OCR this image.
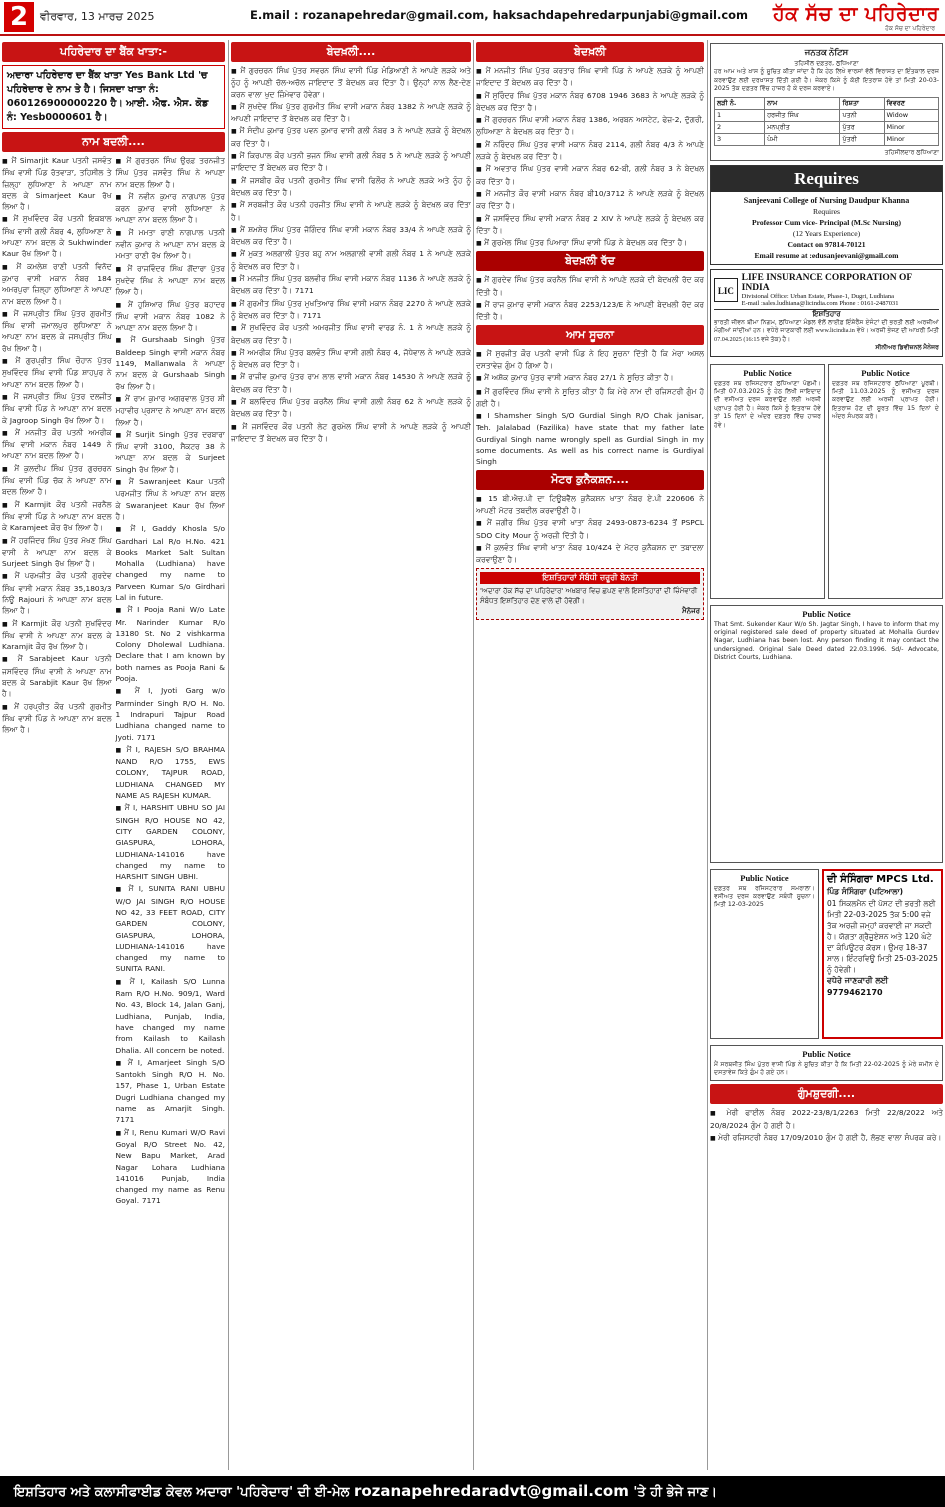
2	ਵੀਰਵਾਰ, 13 ਮਾਰਚ 2025	E.mail : rozanapehredar@gmail.com, haksachdapehredarpunjabi@gmail.com ਹੱਕ ਸੱਚ ਦਾ ਪਹਿਰੇਦਾਰ
ਹੱਕ ਸੱਚ ਦਾ ਪਹਿਰੇਦਾਰ
ਪਹਿਰੇਦਾਰ ਦਾ ਬੈਂਕ ਖਾਤਾ:-
ਅਦਾਰਾ ਪਹਿਰੇਦਾਰ ਦਾ ਬੈਂਕ ਖਾਤਾ Yes Bank Ltd 'ਚ ਪਹਿਰੇਦਾਰ ਦੇ ਨਾਮ ਤੇ ਹੈ। ਜਿਸਦਾ ਖਾਤਾ ਨੰ: 060126900000220 ਹੈ। ਆਈ. ਐਫ. ਐਸ. ਕੋਡ ਨੰ: Yesb0000601 ਹੈ।
ਨਾਮ ਬਦਲੀ....

■ ਮੈਂ Simarjit Kaur ਪਤਨੀ ਜਸਵੰਤ ਸਿੰਘ ਵਾਸੀ ਪਿੰਡ ਰੱਤਵਾੜਾ, ਤਹਿਸੀਲ ਤੇ ਜ਼ਿਲ੍ਹਾ ਲੁਧਿਆਣਾ ਨੇ ਆਪਣਾ ਨਾਮ ਬਦਲ ਕੇ Simarjeet Kaur ਰੱਖ ਲਿਆ ਹੈ।

■ ਮੈਂ ਸੁਖਵਿੰਦਰ ਕੌਰ ਪਤਨੀ ਇਕਬਾਲ ਸਿੰਘ ਵਾਸੀ ਗਲੀ ਨੰਬਰ 4, ਲੁਧਿਆਣਾ ਨੇ ਆਪਣਾ ਨਾਮ ਬਦਲ ਕੇ Sukhwinder Kaur ਰੱਖ ਲਿਆ ਹੈ।

■ ਮੈਂ ਕਮਲੇਸ਼ ਰਾਣੀ ਪਤਨੀ ਵਿਨੋਦ ਕੁਮਾਰ ਵਾਸੀ ਮਕਾਨ ਨੰਬਰ 184 ਅਮਰਪੁਰਾ ਜ਼ਿਲ੍ਹਾ ਲੁਧਿਆਣਾ ਨੇ ਆਪਣਾ ਨਾਮ ਬਦਲ ਲਿਆ ਹੈ।

■ ਮੈਂ ਜਸਪ੍ਰੀਤ ਸਿੰਘ ਪੁੱਤਰ ਗੁਰਮੀਤ ਸਿੰਘ ਵਾਸੀ ਜਮਾਲਪੁਰ ਲੁਧਿਆਣਾ ਨੇ ਆਪਣਾ ਨਾਮ ਬਦਲ ਕੇ ਜਸਪ੍ਰੀਤ ਸਿੰਘ ਰੱਖ ਲਿਆ ਹੈ।

■ ਮੈਂ ਗੁਰਪ੍ਰੀਤ ਸਿੰਘ ਚੌਹਾਨ ਪੁੱਤਰ ਸੁਖਵਿੰਦਰ ਸਿੰਘ ਵਾਸੀ ਪਿੰਡ ਸ਼ਾਹਪੁਰ ਨੇ ਆਪਣਾ ਨਾਮ ਬਦਲ ਲਿਆ ਹੈ।

■ ਮੈਂ ਜਸਪ੍ਰੀਤ ਸਿੰਘ ਪੁੱਤਰ ਦਲਜੀਤ ਸਿੰਘ ਵਾਸੀ ਪਿੰਡ ਨੇ ਆਪਣਾ ਨਾਮ ਬਦਲ ਕੇ Jagroop Singh ਰੱਖ ਲਿਆ ਹੈ।

■ ਮੈਂ ਮਨਜੀਤ ਕੌਰ ਪਤਨੀ ਅਮਰੀਕ ਸਿੰਘ ਵਾਸੀ ਮਕਾਨ ਨੰਬਰ 1449 ਨੇ ਆਪਣਾ ਨਾਮ ਬਦਲ ਲਿਆ ਹੈ।

■ ਮੈਂ ਕੁਲਦੀਪ ਸਿੰਘ ਪੁੱਤਰ ਗੁਰਚਰਨ ਸਿੰਘ ਵਾਸੀ ਪਿੰਡ ਚੱਕ ਨੇ ਆਪਣਾ ਨਾਮ ਬਦਲ ਲਿਆ ਹੈ।

■ ਮੈਂ Karmjit ਕੌਰ ਪਤਨੀ ਜਰਨੈਲ ਸਿੰਘ ਵਾਸੀ ਪਿੰਡ ਨੇ ਆਪਣਾ ਨਾਮ ਬਦਲ ਕੇ Karamjeet ਕੌਰ ਰੱਖ ਲਿਆ ਹੈ।

■ ਮੈਂ ਹਰਜਿੰਦਰ ਸਿੰਘ ਪੁੱਤਰ ਮੱਖਣ ਸਿੰਘ ਵਾਸੀ ਨੇ ਆਪਣਾ ਨਾਮ ਬਦਲ ਕੇ Surjeet Singh ਰੱਖ ਲਿਆ ਹੈ।

■ ਮੈਂ ਪਰਮਜੀਤ ਕੌਰ ਪਤਨੀ ਗੁਰਦੇਵ ਸਿੰਘ ਵਾਸੀ ਮਕਾਨ ਨੰਬਰ 35,1803/3 ਨਿਊ Rajouri ਨੇ ਆਪਣਾ ਨਾਮ ਬਦਲ ਲਿਆ ਹੈ।

■ ਮੈਂ Karmjit ਕੌਰ ਪਤਨੀ ਸੁਖਵਿੰਦਰ ਸਿੰਘ ਵਾਸੀ ਨੇ ਆਪਣਾ ਨਾਮ ਬਦਲ ਕੇ Karamjit ਕੌਰ ਰੱਖ ਲਿਆ ਹੈ।

■ ਮੈਂ Sarabjeet Kaur ਪਤਨੀ ਜਸਵਿੰਦਰ ਸਿੰਘ ਵਾਸੀ ਨੇ ਆਪਣਾ ਨਾਮ ਬਦਲ ਕੇ Sarabjit Kaur ਰੱਖ ਲਿਆ ਹੈ।

■ ਮੈਂ ਹਰਪ੍ਰੀਤ ਕੌਰ ਪਤਨੀ ਗੁਰਮੀਤ ਸਿੰਘ ਵਾਸੀ ਪਿੰਡ ਨੇ ਆਪਣਾ ਨਾਮ ਬਦਲ ਲਿਆ ਹੈ।

■ ਮੈਂ ਗੁਰਤਰਨ ਸਿੰਘ ਉਰਫ਼ ਤਰਨਜੀਤ ਸਿੰਘ ਪੁੱਤਰ ਜਸਵੰਤ ਸਿੰਘ ਨੇ ਆਪਣਾ ਨਾਮ ਬਦਲ ਲਿਆ ਹੈ।

■ ਮੈਂ ਨਵੀਨ ਕੁਮਾਰ ਨਾਗਪਾਲ ਪੁੱਤਰ ਕਰਨ ਕੁਮਾਰ ਵਾਸੀ ਲੁਧਿਆਣਾ ਨੇ ਆਪਣਾ ਨਾਮ ਬਦਲ ਲਿਆ ਹੈ।

■ ਮੈਂ ਮਮਤਾ ਰਾਣੀ ਨਾਗਪਾਲ ਪਤਨੀ ਨਵੀਨ ਕੁਮਾਰ ਨੇ ਆਪਣਾ ਨਾਮ ਬਦਲ ਕੇ ਮਮਤਾ ਰਾਣੀ ਰੱਖ ਲਿਆ ਹੈ।

■ ਮੈਂ ਰਾਜਵਿੰਦਰ ਸਿੰਘ ਗੋਂਦਾਰਾ ਪੁੱਤਰ ਸੁਖਦੇਵ ਸਿੰਘ ਨੇ ਆਪਣਾ ਨਾਮ ਬਦਲ ਲਿਆ ਹੈ।

■ ਮੈਂ ਹੁਸ਼ਿਆਰ ਸਿੰਘ ਪੁੱਤਰ ਬਹਾਦਰ ਸਿੰਘ ਵਾਸੀ ਮਕਾਨ ਨੰਬਰ 1082 ਨੇ ਆਪਣਾ ਨਾਮ ਬਦਲ ਲਿਆ ਹੈ।

■ ਮੈਂ Gurshaab Singh ਪੁੱਤਰ Baldeep Singh ਵਾਸੀ ਮਕਾਨ ਨੰਬਰ 1149, Mallanwala ਨੇ ਆਪਣਾ ਨਾਮ ਬਦਲ ਕੇ Gurshaab Singh ਰੱਖ ਲਿਆ ਹੈ।

■ ਮੈਂ ਰਾਮ ਕੁਮਾਰ ਅਗਰਵਾਲ ਪੁੱਤਰ ਸ਼ੀ ਮਹਾਵੀਰ ਪ੍ਰਸਾਦ ਨੇ ਆਪਣਾ ਨਾਮ ਬਦਲ ਲਿਆ ਹੈ।

■ ਮੈਂ Surjit Singh ਪੁੱਤਰ ਦਰਬਾਰਾ ਸਿੰਘ ਵਾਸੀ 3100, ਸੈਕਟਰ 38 ਨੇ ਆਪਣਾ ਨਾਮ ਬਦਲ ਕੇ Surjeet Singh ਰੱਖ ਲਿਆ ਹੈ।

■ ਮੈਂ Sawranjeet Kaur ਪਤਨੀ ਪਰਮਜੀਤ ਸਿੰਘ ਨੇ ਆਪਣਾ ਨਾਮ ਬਦਲ ਕੇ Swaranjeet Kaur ਰੱਖ ਲਿਆ ਹੈ।

■ ਮੈਂ I, Gaddy Khosla S/o Gardhari Lal R/o H.No. 421 Books Market Salt Sultan Mohalla (Ludhiana) have changed my name to Parveen Kumar S/o Girdhari Lal in future.

■ ਮੈਂ I Pooja Rani W/o Late Mr. Narinder Kumar R/o 13180 St. No 2 vishkarma Colony Dholewal Ludhiana. Declare that I am known by both names as Pooja Rani & Pooja.

■ ਮੈਂ I, Jyoti Garg w/o Parminder Singh R/O H. No. 1 Indrapuri Tajpur Road Ludhiana changed name to Jyoti. 7171

■ ਮੈਂ I, RAJESH S/O BRAHMA NAND R/O 1755, EWS COLONY, TAJPUR ROAD, LUDHIANA CHANGED MY NAME AS RAJESH KUMAR.

■ ਮੈਂ I, HARSHIT UBHU SO JAI SINGH R/O HOUSE NO 42, CITY GARDEN COLONY, GIASPURA, LOHORA, LUDHIANA-141016 have changed my name to HARSHIT SINGH UBHI.

■ ਮੈਂ I, SUNITA RANI UBHU W/O JAI SINGH R/O HOUSE NO 42, 33 FEET ROAD, CITY GARDEN COLONY, GIASPURA, LOHORA, LUDHIANA-141016 have changed my name to SUNITA RANI.

■ ਮੈਂ I, Kailash S/O Lunna Ram R/O H.No. 909/1, Ward No. 43, Block 14, Jalan Ganj, Ludhiana, Punjab, India, have changed my name from Kailash to Kailash Dhalia. All concern be noted.

■ ਮੈਂ I, Amarjeet Singh S/O Santokh Singh R/O H. No. 157, Phase 1, Urban Estate Dugri Ludhiana changed my name as Amarjit Singh. 7171

■ ਮੈਂ I, Renu Kumari W/O Ravi Goyal R/O Street No. 42, New Bapu Market, Arad Nagar Lohara Ludhiana 141016 Punjab, India changed my name as Renu Goyal. 7171

ਬੇਦਖ਼ਲੀ....

■ ਮੈਂ ਗੁਰਚਰਨ ਸਿੰਘ ਪੁੱਤਰ ਸਵਰਨ ਸਿੰਘ ਵਾਸੀ ਪਿੰਡ ਮੰਡਿਆਣੀ ਨੇ ਆਪਣੇ ਲੜਕੇ ਅਤੇ ਨੂੰਹ ਨੂੰ ਆਪਣੀ ਚੱਲ-ਅਚੱਲ ਜਾਇਦਾਦ ਤੋਂ ਬੇਦਖ਼ਲ ਕਰ ਦਿੱਤਾ ਹੈ। ਉਨ੍ਹਾਂ ਨਾਲ ਲੈਣ-ਦੇਣ ਕਰਨ ਵਾਲਾ ਖੁਦ ਜ਼ਿੰਮੇਵਾਰ ਹੋਵੇਗਾ।

■ ਮੈਂ ਸੁਖਦੇਵ ਸਿੰਘ ਪੁੱਤਰ ਗੁਰਮੀਤ ਸਿੰਘ ਵਾਸੀ ਮਕਾਨ ਨੰਬਰ 1382 ਨੇ ਆਪਣੇ ਲੜਕੇ ਨੂੰ ਆਪਣੀ ਜਾਇਦਾਦ ਤੋਂ ਬੇਦਖ਼ਲ ਕਰ ਦਿੱਤਾ ਹੈ।

■ ਮੈਂ ਸੰਦੀਪ ਕੁਮਾਰ ਪੁੱਤਰ ਪਵਨ ਕੁਮਾਰ ਵਾਸੀ ਗਲੀ ਨੰਬਰ 3 ਨੇ ਆਪਣੇ ਲੜਕੇ ਨੂੰ ਬੇਦਖ਼ਲ ਕਰ ਦਿੱਤਾ ਹੈ।

■ ਮੈਂ ਕਿਰਪਾਲ ਕੌਰ ਪਤਨੀ ਭਜਨ ਸਿੰਘ ਵਾਸੀ ਗਲੀ ਨੰਬਰ 5 ਨੇ ਆਪਣੇ ਲੜਕੇ ਨੂੰ ਆਪਣੀ ਜਾਇਦਾਦ ਤੋਂ ਬੇਦਖ਼ਲ ਕਰ ਦਿੱਤਾ ਹੈ।

■ ਮੈਂ ਜਸਬੀਰ ਕੌਰ ਪਤਨੀ ਗੁਰਮੀਤ ਸਿੰਘ ਵਾਸੀ ਫਿਲੌਰ ਨੇ ਆਪਣੇ ਲੜਕੇ ਅਤੇ ਨੂੰਹ ਨੂੰ ਬੇਦਖ਼ਲ ਕਰ ਦਿੱਤਾ ਹੈ।

■ ਮੈਂ ਸਰਬਜੀਤ ਕੌਰ ਪਤਨੀ ਹਰਜੀਤ ਸਿੰਘ ਵਾਸੀ ਨੇ ਆਪਣੇ ਲੜਕੇ ਨੂੰ ਬੇਦਖ਼ਲ ਕਰ ਦਿੱਤਾ ਹੈ।

■ ਮੈਂ ਸ਼ਮਸ਼ੇਰ ਸਿੰਘ ਪੁੱਤਰ ਜੋਗਿੰਦਰ ਸਿੰਘ ਵਾਸੀ ਮਕਾਨ ਨੰਬਰ 33/4 ਨੇ ਆਪਣੇ ਲੜਕੇ ਨੂੰ ਬੇਦਖ਼ਲ ਕਰ ਦਿੱਤਾ ਹੈ।

■ ਮੈਂ ਮੁਕਤ ਅਲਗਾਲੀ ਪੁੱਤਰ ਬਹੁ ਨਾਮ ਅਲਗਾਲੀ ਵਾਸੀ ਗਲੀ ਨੰਬਰ 1 ਨੇ ਆਪਣੇ ਲੜਕੇ ਨੂੰ ਬੇਦਖ਼ਲ ਕਰ ਦਿੱਤਾ ਹੈ।

■ ਮੈਂ ਮਨਜੀਤ ਸਿੰਘ ਪੁੱਤਰ ਬਲਵੀਰ ਸਿੰਘ ਵਾਸੀ ਮਕਾਨ ਨੰਬਰ 1136 ਨੇ ਆਪਣੇ ਲੜਕੇ ਨੂੰ ਬੇਦਖ਼ਲ ਕਰ ਦਿੱਤਾ ਹੈ। 7171

■ ਮੈਂ ਗੁਰਮੀਤ ਸਿੰਘ ਪੁੱਤਰ ਮੁਖਤਿਆਰ ਸਿੰਘ ਵਾਸੀ ਮਕਾਨ ਨੰਬਰ 2270 ਨੇ ਆਪਣੇ ਲੜਕੇ ਨੂੰ ਬੇਦਖ਼ਲ ਕਰ ਦਿੱਤਾ ਹੈ। 7171

■ ਮੈਂ ਸੁਖਵਿੰਦਰ ਕੌਰ ਪਤਨੀ ਅਮਰਜੀਤ ਸਿੰਘ ਵਾਸੀ ਵਾਰਡ ਨੰ. 1 ਨੇ ਆਪਣੇ ਲੜਕੇ ਨੂੰ ਬੇਦਖ਼ਲ ਕਰ ਦਿੱਤਾ ਹੈ।

■ ਮੈਂ ਅਮਰੀਕ ਸਿੰਘ ਪੁੱਤਰ ਬਲਵੰਤ ਸਿੰਘ ਵਾਸੀ ਗਲੀ ਨੰਬਰ 4, ਜੋਧੇਵਾਲ ਨੇ ਆਪਣੇ ਲੜਕੇ ਨੂੰ ਬੇਦਖ਼ਲ ਕਰ ਦਿੱਤਾ ਹੈ।

■ ਮੈਂ ਰਾਜੀਵ ਕੁਮਾਰ ਪੁੱਤਰ ਰਾਮ ਲਾਲ ਵਾਸੀ ਮਕਾਨ ਨੰਬਰ 14530 ਨੇ ਆਪਣੇ ਲੜਕੇ ਨੂੰ ਬੇਦਖ਼ਲ ਕਰ ਦਿੱਤਾ ਹੈ।

■ ਮੈਂ ਬਲਵਿੰਦਰ ਸਿੰਘ ਪੁੱਤਰ ਕਰਨੈਲ ਸਿੰਘ ਵਾਸੀ ਗਲੀ ਨੰਬਰ 62 ਨੇ ਆਪਣੇ ਲੜਕੇ ਨੂੰ ਬੇਦਖ਼ਲ ਕਰ ਦਿੱਤਾ ਹੈ।

■ ਮੈਂ ਜਸਵਿੰਦਰ ਕੌਰ ਪਤਨੀ ਲੇਟ ਗੁਰਮੇਲ ਸਿੰਘ ਵਾਸੀ ਨੇ ਆਪਣੇ ਲੜਕੇ ਨੂੰ ਆਪਣੀ ਜਾਇਦਾਦ ਤੋਂ ਬੇਦਖ਼ਲ ਕਰ ਦਿੱਤਾ ਹੈ।

ਬੇਦਖ਼ਲੀ

■ ਮੈਂ ਮਨਜੀਤ ਸਿੰਘ ਪੁੱਤਰ ਕਰਤਾਰ ਸਿੰਘ ਵਾਸੀ ਪਿੰਡ ਨੇ ਆਪਣੇ ਲੜਕੇ ਨੂੰ ਆਪਣੀ ਜਾਇਦਾਦ ਤੋਂ ਬੇਦਖ਼ਲ ਕਰ ਦਿੱਤਾ ਹੈ।

■ ਮੈਂ ਸੁਰਿੰਦਰ ਸਿੰਘ ਪੁੱਤਰ ਮਕਾਨ ਨੰਬਰ 6708 1946 3683 ਨੇ ਆਪਣੇ ਲੜਕੇ ਨੂੰ ਬੇਦਖ਼ਲ ਕਰ ਦਿੱਤਾ ਹੈ।

■ ਮੈਂ ਗੁਰਚਰਨ ਸਿੰਘ ਵਾਸੀ ਮਕਾਨ ਨੰਬਰ 1386, ਅਰਬਨ ਅਸਟੇਟ, ਫੇਜ਼-2, ਦੁੱਗਰੀ, ਲੁਧਿਆਣਾ ਨੇ ਬੇਦਖ਼ਲ ਕਰ ਦਿੱਤਾ ਹੈ।

■ ਮੈਂ ਨਰਿੰਦਰ ਸਿੰਘ ਪੁੱਤਰ ਵਾਸੀ ਮਕਾਨ ਨੰਬਰ 2114, ਗਲੀ ਨੰਬਰ 4/3 ਨੇ ਆਪਣੇ ਲੜਕੇ ਨੂੰ ਬੇਦਖ਼ਲ ਕਰ ਦਿੱਤਾ ਹੈ।

■ ਮੈਂ ਅਵਤਾਰ ਸਿੰਘ ਪੁੱਤਰ ਵਾਸੀ ਮਕਾਨ ਨੰਬਰ 62-ਬੀ, ਗਲੀ ਨੰਬਰ 3 ਨੇ ਬੇਦਖ਼ਲ ਕਰ ਦਿੱਤਾ ਹੈ।

■ ਮੈਂ ਮਨਜੀਤ ਕੌਰ ਵਾਸੀ ਮਕਾਨ ਨੰਬਰ ਬੀ10/3712 ਨੇ ਆਪਣੇ ਲੜਕੇ ਨੂੰ ਬੇਦਖ਼ਲ ਕਰ ਦਿੱਤਾ ਹੈ।

■ ਮੈਂ ਜਸਵਿੰਦਰ ਸਿੰਘ ਵਾਸੀ ਮਕਾਨ ਨੰਬਰ 2 XIV ਨੇ ਆਪਣੇ ਲੜਕੇ ਨੂੰ ਬੇਦਖ਼ਲ ਕਰ ਦਿੱਤਾ ਹੈ।

■ ਮੈਂ ਗੁਰਮੇਲ ਸਿੰਘ ਪੁੱਤਰ ਪਿਆਰਾ ਸਿੰਘ ਵਾਸੀ ਪਿੰਡ ਨੇ ਬੇਦਖ਼ਲ ਕਰ ਦਿੱਤਾ ਹੈ।

ਬੇਦਖ਼ਲੀ ਰੱਦ

■ ਮੈਂ ਗੁਰਦੇਵ ਸਿੰਘ ਪੁੱਤਰ ਕਰਨੈਲ ਸਿੰਘ ਵਾਸੀ ਨੇ ਆਪਣੇ ਲੜਕੇ ਦੀ ਬੇਦਖ਼ਲੀ ਰੱਦ ਕਰ ਦਿੱਤੀ ਹੈ।

■ ਮੈਂ ਰਾਜ ਕੁਮਾਰ ਵਾਸੀ ਮਕਾਨ ਨੰਬਰ 2253/123/E ਨੇ ਆਪਣੀ ਬੇਦਖ਼ਲੀ ਰੱਦ ਕਰ ਦਿੱਤੀ ਹੈ।

ਆਮ ਸੂਚਨਾ

■ ਮੈਂ ਸੁਰਜੀਤ ਕੌਰ ਪਤਨੀ ਵਾਸੀ ਪਿੰਡ ਨੇ ਇਹ ਸੂਚਨਾ ਦਿੱਤੀ ਹੈ ਕਿ ਮੇਰਾ ਅਸਲ ਦਸਤਾਵੇਜ਼ ਗੁੰਮ ਹੋ ਗਿਆ ਹੈ।

■ ਮੈਂ ਅਸ਼ੋਕ ਕੁਮਾਰ ਪੁੱਤਰ ਵਾਸੀ ਮਕਾਨ ਨੰਬਰ 27/1 ਨੇ ਸੂਚਿਤ ਕੀਤਾ ਹੈ।

■ ਮੈਂ ਗੁਰਵਿੰਦਰ ਸਿੰਘ ਵਾਸੀ ਨੇ ਸੂਚਿਤ ਕੀਤਾ ਹੈ ਕਿ ਮੇਰੇ ਨਾਮ ਦੀ ਰਜਿਸਟਰੀ ਗੁੰਮ ਹੋ ਗਈ ਹੈ।

■ I Shamsher Singh S/O Gurdial Singh R/O Chak janisar, Teh. Jalalabad (Fazilika) have state that my father late Gurdiyal Singh name wrongly spell as Gurdial Singh in my some documents. As well as his correct name is Gurdiyal Singh

ਮੋਟਰ ਕੁਨੈਕਸ਼ਨ....

■ 15 ਬੀ.ਐਚ.ਪੀ ਦਾ ਟਿਊਬਵੈੱਲ ਕੁਨੈਕਸ਼ਨ ਖਾਤਾ ਨੰਬਰ ਏ.ਪੀ 220606 ਨੇ ਆਪਣੀ ਮੋਟਰ ਤਬਦੀਲ ਕਰਵਾਉਣੀ ਹੈ।

■ ਮੈਂ ਜਗੀਰ ਸਿੰਘ ਪੁੱਤਰ ਵਾਸੀ ਖਾਤਾ ਨੰਬਰ 2493-0873-6234 ਤੋਂ PSPCL SDO City Mour ਨੂੰ ਅਰਜ਼ੀ ਦਿੱਤੀ ਹੈ।

■ ਮੈਂ ਕੁਲਵੰਤ ਸਿੰਘ ਵਾਸੀ ਖਾਤਾ ਨੰਬਰ 10/4Z4 ਦੇ ਮੋਟਰ ਕੁਨੈਕਸ਼ਨ ਦਾ ਤਬਾਦਲਾ ਕਰਵਾਉਣਾ ਹੈ।

ਇਸ਼ਤਿਹਾਰਾਂ ਸੰਬੰਧੀ ਜ਼ਰੂਰੀ ਬੇਨਤੀ
'ਅਦਾਰਾ ਹੱਕ ਸੱਚ ਦਾ ਪਹਿਰੇਦਾਰ' ਅਖ਼ਬਾਰ ਵਿਚ ਛਪਣ ਵਾਲੇ ਇਸ਼ਤਿਹਾਰਾਂ ਦੀ ਜ਼ਿੰਮੇਵਾਰੀ ਸੰਬੰਧਤ ਇਸ਼ਤਿਹਾਰ ਦੇਣ ਵਾਲੇ ਦੀ ਹੋਵੇਗੀ।
ਮੈਨੇਜਰ
ਜਨਤਕ ਨੋਟਿਸ
ਤਹਿਸੀਲ ਦਫ਼ਤਰ, ਲੁਧਿਆਣਾ
ਹਰ ਆਮ ਅਤੇ ਖ਼ਾਸ ਨੂੰ ਸੂਚਿਤ ਕੀਤਾ ਜਾਂਦਾ ਹੈ ਕਿ ਹੇਠ ਲਿਖੇ ਵਾਰਸਾਂ ਵੱਲੋਂ ਵਿਰਾਸਤ ਦਾ ਇੰਤਕਾਲ ਦਰਜ ਕਰਵਾਉਣ ਲਈ ਦਰਖ਼ਾਸਤ ਦਿੱਤੀ ਗਈ ਹੈ। ਜੇਕਰ ਕਿਸੇ ਨੂੰ ਕੋਈ ਇਤਰਾਜ਼ ਹੋਵੇ ਤਾਂ ਮਿਤੀ 20-03-2025 ਤੱਕ ਦਫ਼ਤਰ ਵਿੱਚ ਹਾਜ਼ਰ ਹੋ ਕੇ ਦਰਜ ਕਰਵਾਏ।
ਲੜੀ ਨੰ.	ਨਾਮ	ਰਿਸ਼ਤਾ	ਵਿਵਰਣ
1	ਹਰਜੀਤ ਸਿੰਘ	ਪਤਨੀ	Widow
2	ਮਨਪ੍ਰੀਤ	ਪੁੱਤਰ	Minor
3	ਪੰਮੀ	ਪੁੱਤਰੀ	Minor
ਤਹਿਸੀਲਦਾਰ ਲੁਧਿਆਣਾ
Requires
Sanjeevani College of Nursing Daudpur Khanna
Requires
Professor Cum vice- Principal (M.Sc Nursing)
(12 Years Experience)
Contact on 97814-70121
Email resume at :edusanjeevani@gmail.com
LIC
LIFE INSURANCE CORPORATION OF INDIA
Divisional Office: Urban Estate, Phase-1, Dugri, Ludhiana
E-mail :sales.ludhiana@licindia.com Phone : 0161-2487031
ਇਸ਼ਤਿਹਾਰ
ਭਾਰਤੀ ਜੀਵਨ ਬੀਮਾ ਨਿਗਮ, ਲੁਧਿਆਣਾ ਮੰਡਲ ਵੱਲੋਂ ਲਾਈਫ਼ ਇੰਸ਼ੋਰੈਂਸ ਏਜੰਟਾਂ ਦੀ ਭਰਤੀ ਲਈ ਅਰਜ਼ੀਆਂ ਮੰਗੀਆਂ ਜਾਂਦੀਆਂ ਹਨ। ਵਧੇਰੇ ਜਾਣਕਾਰੀ ਲਈ www.licindia.in ਵੇਖੋ। ਅਰਜ਼ੀ ਭੇਜਣ ਦੀ ਆਖ਼ਰੀ ਮਿਤੀ 07.04.2025 (16:15 ਵਜੇ ਤੱਕ) ਹੈ।
ਸੀਨੀਅਰ ਡਿਵੀਜ਼ਨਲ ਮੈਨੇਜਰ
Public Notice
ਦਫ਼ਤਰ ਸਬ ਰਜਿਸਟਰਾਰ ਲੁਧਿਆਣਾ ਪੱਛਮੀ। ਮਿਤੀ 07.03.2025 ਨੂੰ ਹੇਠ ਲਿਖੀ ਜਾਇਦਾਦ ਦੀ ਵਸੀਅਤ ਦਰਜ ਕਰਵਾਉਣ ਲਈ ਅਰਜ਼ੀ ਪ੍ਰਾਪਤ ਹੋਈ ਹੈ। ਜੇਕਰ ਕਿਸੇ ਨੂੰ ਇਤਰਾਜ਼ ਹੋਵੇ ਤਾਂ 15 ਦਿਨਾਂ ਦੇ ਅੰਦਰ ਦਫ਼ਤਰ ਵਿੱਚ ਹਾਜ਼ਰ ਹੋਵੇ।
Public Notice
ਦਫ਼ਤਰ ਸਬ ਰਜਿਸਟਰਾਰ ਲੁਧਿਆਣਾ ਪੂਰਬੀ। ਮਿਤੀ 11.03.2025 ਨੂੰ ਵਸੀਅਤ ਦਰਜ ਕਰਵਾਉਣ ਲਈ ਅਰਜ਼ੀ ਪ੍ਰਾਪਤ ਹੋਈ। ਇਤਰਾਜ਼ ਹੋਣ ਦੀ ਸੂਰਤ ਵਿੱਚ 15 ਦਿਨਾਂ ਦੇ ਅੰਦਰ ਸੰਪਰਕ ਕਰੋ।
Public Notice
That Smt. Sukender Kaur W/o Sh. Jagtar Singh, I have to inform that my original registered sale deed of property situated at Mohalla Gurdev Nagar, Ludhiana has been lost. Any person finding it may contact the undersigned. Original Sale Deed dated 22.03.1996. Sd/- Advocate, District Courts, Ludhiana.
Public Notice
ਦਫ਼ਤਰ ਸਬ ਰਜਿਸਟਰਾਰ ਸਮਰਾਲਾ। ਵਸੀਅਤ ਦਰਜ ਕਰਵਾਉਣ ਸਬੰਧੀ ਸੂਚਨਾ। ਮਿਤੀ 12-03-2025
ਦੀ ਸੰਸਿੰਗਰਾ MPCS Ltd.
ਪਿੰਡ ਸੰਸਿੰਗਰਾ (ਪਟਿਆਲਾ)
01 ਸਿਕਲਮੈਨ ਦੀ ਪੋਸਟ ਦੀ ਭਰਤੀ ਲਈ ਮਿਤੀ 22-03-2025 ਤੱਕ 5:00 ਵਜੇ ਤੱਕ ਅਰਜ਼ੀ ਜਮ੍ਹਾਂ ਕਰਵਾਈ ਜਾ ਸਕਦੀ ਹੈ। ਯੋਗਤਾ ਗ੍ਰੈਜੂਏਸ਼ਨ ਅਤੇ 120 ਘੰਟੇ ਦਾ ਕੰਪਿਊਟਰ ਕੋਰਸ। ਉਮਰ 18-37 ਸਾਲ। ਇੰਟਰਵਿਊ ਮਿਤੀ 25-03-2025 ਨੂੰ ਹੋਵੇਗੀ।
ਵਧੇਰੇ ਜਾਣਕਾਰੀ ਲਈ 9779462170
Public Notice
ਮੈਂ ਸਰਬਜੀਤ ਸਿੰਘ ਪੁੱਤਰ ਵਾਸੀ ਪਿੰਡ ਨੇ ਸੂਚਿਤ ਕੀਤਾ ਹੈ ਕਿ ਮਿਤੀ 22-02-2025 ਨੂੰ ਮੇਰੇ ਜ਼ਮੀਨ ਦੇ ਦਸਤਾਵੇਜ਼ ਕਿਤੇ ਗੁੰਮ ਹੋ ਗਏ ਹਨ।
ਗੁੰਮਸ਼ੁਦਗੀ....

■ ਮੇਰੀ ਫਾਈਲ ਨੰਬਰ 2022-23/8/1/2263 ਮਿਤੀ 22/8/2022 ਅਤੇ 20/8/2024 ਗੁੰਮ ਹੋ ਗਈ ਹੈ।

■ ਮੇਰੀ ਰਜਿਸਟਰੀ ਨੰਬਰ 17/09/2010 ਗੁੰਮ ਹੋ ਗਈ ਹੈ, ਲੱਭਣ ਵਾਲਾ ਸੰਪਰਕ ਕਰੇ।

ਇਸ਼ਤਿਹਾਰ ਅਤੇ ਕਲਾਸੀਫਾਈਡ ਕੇਵਲ ਅਦਾਰਾ 'ਪਹਿਰੇਦਾਰ' ਦੀ ਈ-ਮੇਲ rozanapehredaradvt@gmail.com 'ਤੇ ਹੀ ਭੇਜੇ ਜਾਣ।
